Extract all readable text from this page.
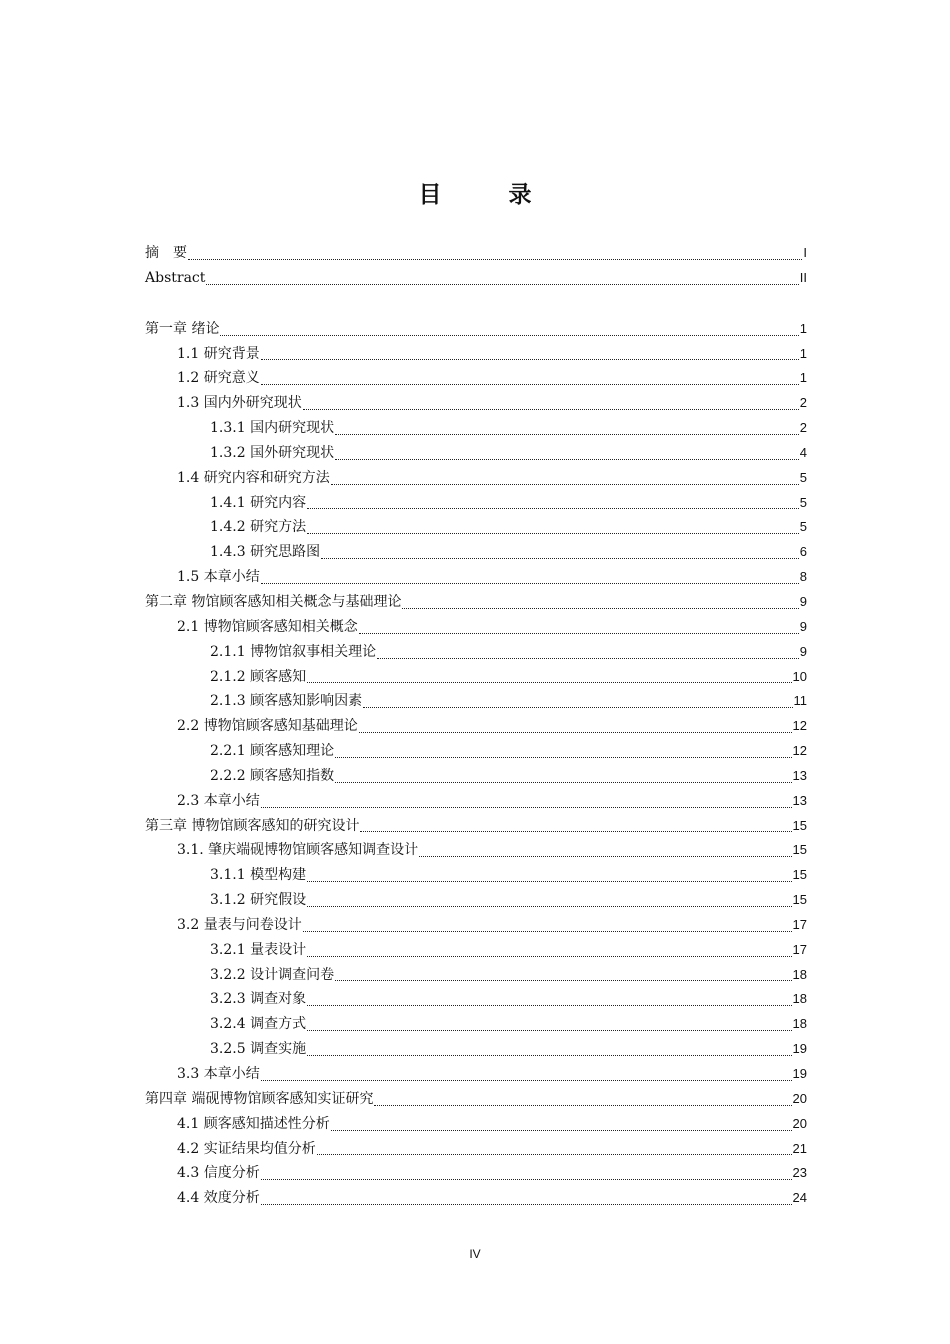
目　录
摘　要	I
Abstract	II
第一章 绪论	1
1.1 研究背景	1
1.2 研究意义	1
1.3 国内外研究现状	2
1.3.1 国内研究现状	2
1.3.2 国外研究现状	4
1.4 研究内容和研究方法	5
1.4.1 研究内容	5
1.4.2 研究方法	5
1.4.3 研究思路图	6
1.5 本章小结	8
第二章 物馆顾客感知相关概念与基础理论	9
2.1 博物馆顾客感知相关概念	9
2.1.1 博物馆叙事相关理论	9
2.1.2 顾客感知	10
2.1.3 顾客感知影响因素	11
2.2 博物馆顾客感知基础理论	12
2.2.1 顾客感知理论	12
2.2.2 顾客感知指数	13
2.3 本章小结	13
第三章 博物馆顾客感知的研究设计	15
3.1. 肇庆端砚博物馆顾客感知调查设计	15
3.1.1 模型构建	15
3.1.2 研究假设	15
3.2 量表与问卷设计	17
3.2.1 量表设计	17
3.2.2 设计调查问卷	18
3.2.3 调查对象	18
3.2.4 调查方式	18
3.2.5 调查实施	19
3.3 本章小结	19
第四章 端砚博物馆顾客感知实证研究	20
4.1 顾客感知描述性分析	20
4.2 实证结果均值分析	21
4.3 信度分析	23
4.4 效度分析	24
IV
